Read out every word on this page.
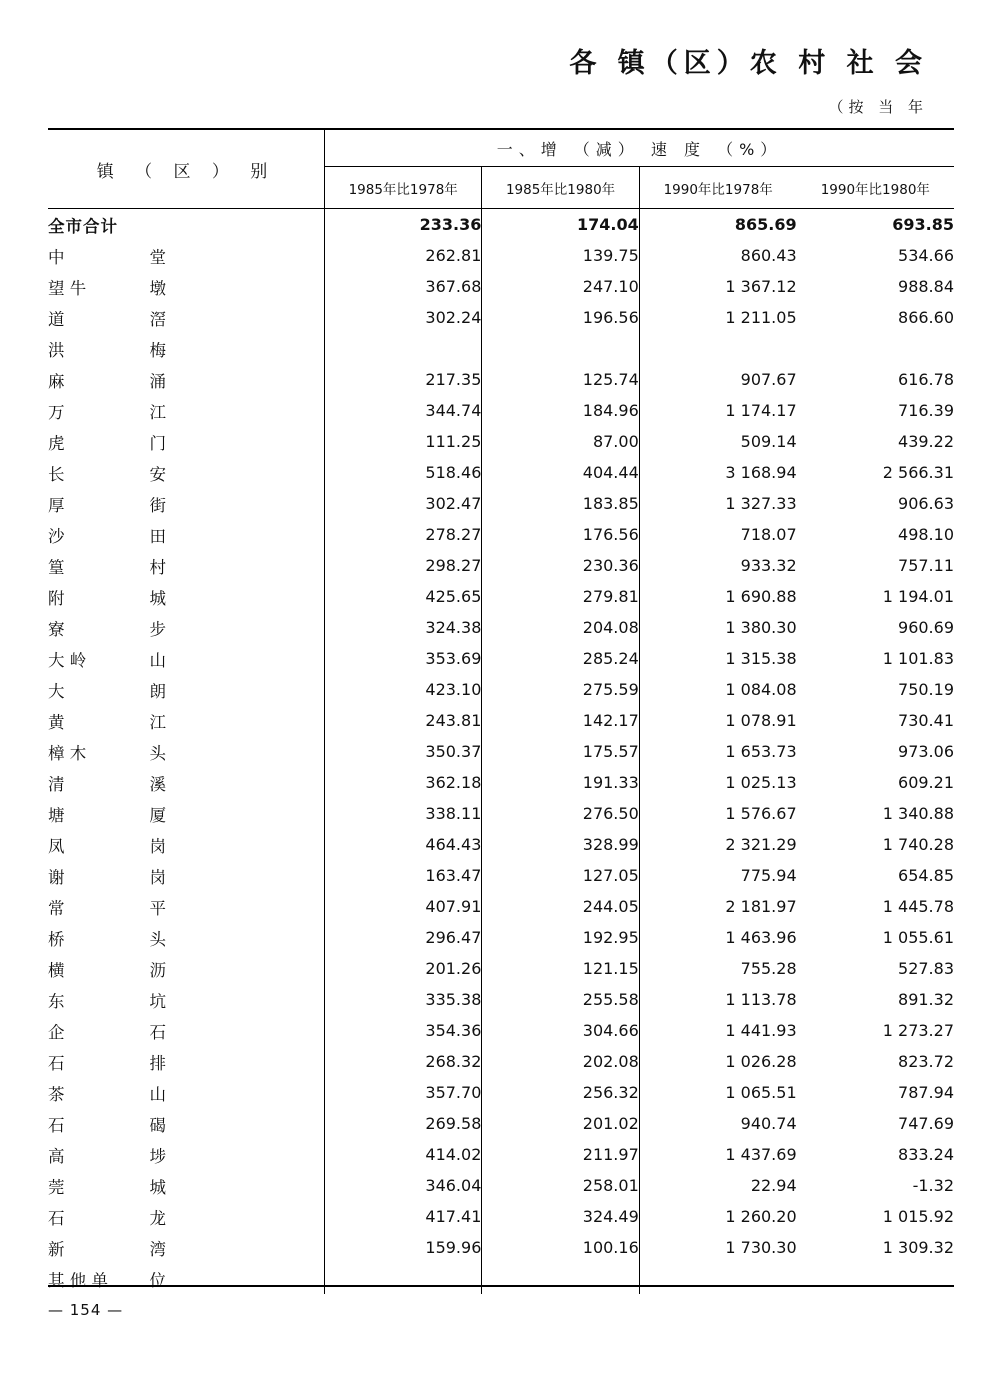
各 镇（区）农 村 社 会
（按 当 年
镇 （ 区 ） 别	一、增 （减） 速 度 （%）			
	1985年比1978年	1985年比1980年	1990年比1978年	1990年比1980年

全市合计	233.36	174.04	865.69	693.85

中 堂	262.81	139.75	860.43	534.66

望 牛 墩	367.68	247.10	1 367.12	988.84

道 滘	302.24	196.56	1 211.05	866.60

洪 梅				

麻 涌	217.35	125.74	907.67	616.78

万 江	344.74	184.96	1 174.17	716.39

虎 门	111.25	87.00	509.14	439.22

长 安	518.46	404.44	3 168.94	2 566.31

厚 街	302.47	183.85	1 327.33	906.63

沙 田	278.27	176.56	718.07	498.10

篁 村	298.27	230.36	933.32	757.11

附 城	425.65	279.81	1 690.88	1 194.01

寮 步	324.38	204.08	1 380.30	960.69

大 岭 山	353.69	285.24	1 315.38	1 101.83

大 朗	423.10	275.59	1 084.08	750.19

黄 江	243.81	142.17	1 078.91	730.41

樟 木 头	350.37	175.57	1 653.73	973.06

清 溪	362.18	191.33	1 025.13	609.21

塘 厦	338.11	276.50	1 576.67	1 340.88

凤 岗	464.43	328.99	2 321.29	1 740.28

谢 岗	163.47	127.05	775.94	654.85

常 平	407.91	244.05	2 181.97	1 445.78

桥 头	296.47	192.95	1 463.96	1 055.61

横 沥	201.26	121.15	755.28	527.83

东 坑	335.38	255.58	1 113.78	891.32

企 石	354.36	304.66	1 441.93	1 273.27

石 排	268.32	202.08	1 026.28	823.72

茶 山	357.70	256.32	1 065.51	787.94

石 碣	269.58	201.02	940.74	747.69

高 埗	414.02	211.97	1 437.69	833.24

莞 城	346.04	258.01	22.94	-1.32

石 龙	417.41	324.49	1 260.20	1 015.92

新 湾	159.96	100.16	1 730.30	1 309.32

其 他 单 位				

— 154 —
